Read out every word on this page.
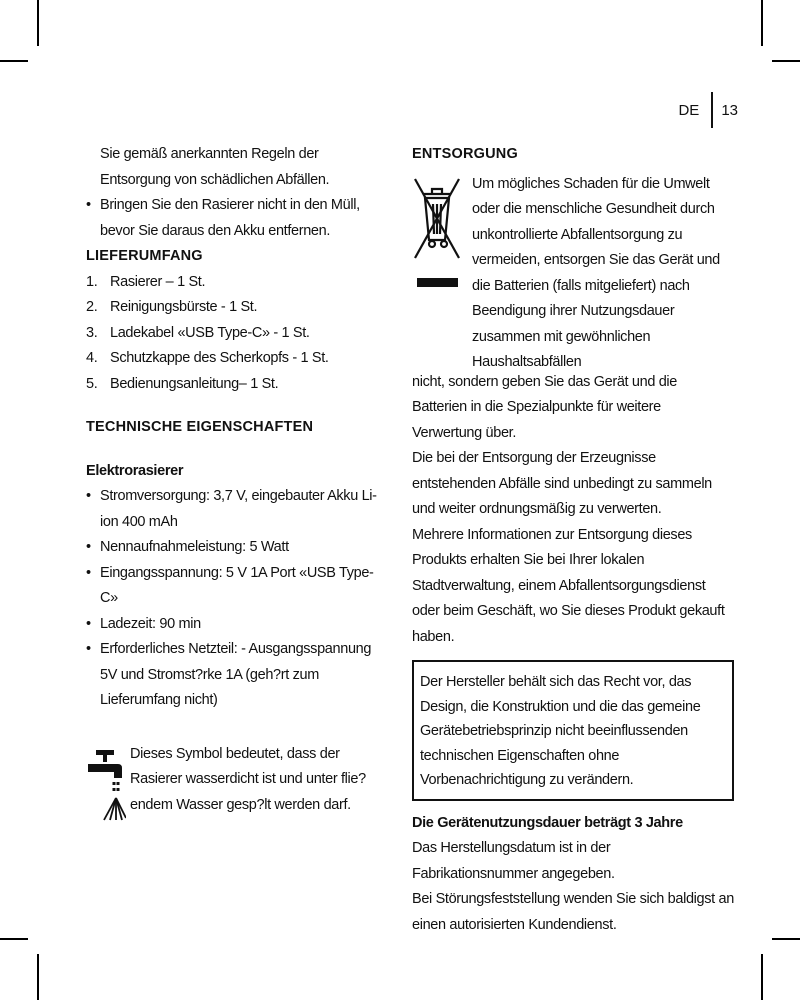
DE 13

Sie gemäß anerkannten Regeln der Entsorgung von schädlichen Abfällen.

• Bringen Sie den Rasierer nicht in den Müll, bevor Sie daraus den Akku entfernen.

LIEFERUMFANG

1. Rasierer – 1 St.
2. Reinigungsbürste - 1 St.
3. Ladekabel «USB Type-C» - 1 St.
4. Schutzkappe des Scherkopfs - 1 St.
5. Bedienungsanleitung– 1 St.

TECHNISCHE EIGENSCHAFTEN

Elektrorasierer

• Stromversorgung: 3,7 V, eingebauter Akku Li-ion 400 mAh
• Nennaufnahmeleistung: 5 Watt
• Eingangsspannung: 5 V 1A Port «USB Type-C»
• Ladezeit: 90 min
• Erforderliches Netzteil: - Ausgangsspannung 5V und Stromst?rke 1A (geh?rt zum Lieferumfang nicht)

Dieses Symbol bedeutet, dass der Rasierer wasserdicht ist und unter flie?endem Wasser gesp?lt werden darf.

ENTSORGUNG

Um mögliches Schaden für die Umwelt oder die menschliche Gesundheit durch unkontrollierte Abfallentsorgung zu vermeiden, entsorgen Sie das Gerät und die Batterien (falls mitgeliefert) nach Beendigung ihrer Nutzungsdauer zusammen mit gewöhnlichen Haushaltsabfällen

nicht, sondern geben Sie das Gerät und die Batterien in die Spezialpunkte für weitere Verwertung über.

Die bei der Entsorgung der Erzeugnisse entstehenden Abfälle sind unbedingt zu sammeln und weiter ordnungsmäßig zu verwerten.

Mehrere Informationen zur Entsorgung dieses Produkts erhalten Sie bei Ihrer lokalen Stadtverwaltung, einem Abfallentsorgungsdienst oder beim Geschäft, wo Sie dieses Produkt gekauft haben.

Der Hersteller behält sich das Recht vor, das Design, die Konstruktion und die das gemeine Gerätebetriebsprinzip nicht beeinflussenden technischen Eigenschaften ohne Vorbenachrichtigung zu verändern.

Die Gerätenutzungsdauer beträgt 3 Jahre

Das Herstellungsdatum ist in der Fabrikationsnummer angegeben.

Bei Störungsfeststellung wenden Sie sich baldigst an einen autorisierten Kundendienst.
